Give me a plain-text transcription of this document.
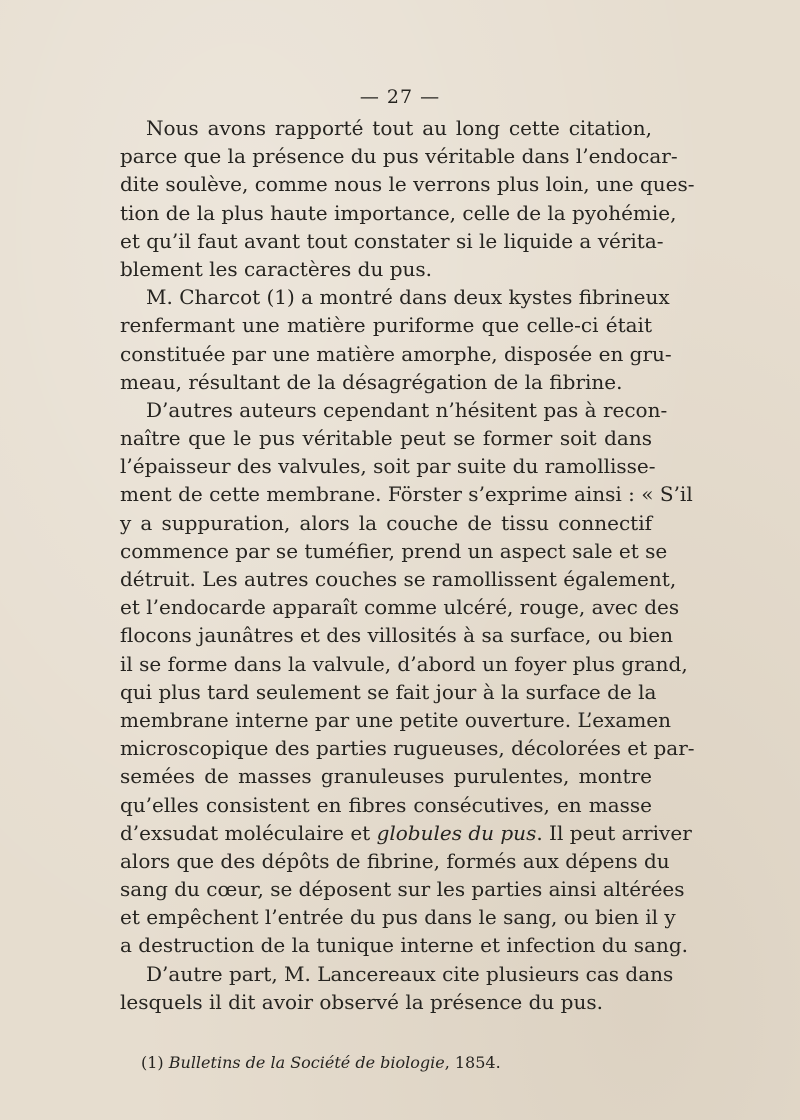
— 27 —
Nous avons rapporté tout au long cette citation,
parce que la présence du pus véritable dans l’endocar-
dite soulève, comme nous le verrons plus loin, une ques-
tion de la plus haute importance, celle de la pyohémie,
et qu’il faut avant tout constater si le liquide a vérita-
blement les caractères du pus.
M. Charcot (1) a montré dans deux kystes fibrineux
renfermant une matière puriforme que celle-ci était
constituée par une matière amorphe, disposée en gru-
meau, résultant de la désagrégation de la fibrine.
D’autres auteurs cependant n’hésitent pas à recon-
naître que le pus véritable peut se former soit dans
l’épaisseur des valvules, soit par suite du ramollisse-
ment de cette membrane. Förster s’exprime ainsi : « S’il
y a suppuration, alors la couche de tissu connectif
commence par se tuméfier, prend un aspect sale et se
détruit. Les autres couches se ramollissent également,
et l’endocarde apparaît comme ulcéré, rouge, avec des
flocons jaunâtres et des villosités à sa surface, ou bien
il se forme dans la valvule, d’abord un foyer plus grand,
qui plus tard seulement se fait jour à la surface de la
membrane interne par une petite ouverture. L’examen
microscopique des parties rugueuses, décolorées et par-
semées de masses granuleuses purulentes, montre
qu’elles consistent en fibres consécutives, en masse
d’exsudat moléculaire et globules du pus. Il peut arriver
alors que des dépôts de fibrine, formés aux dépens du
sang du cœur, se déposent sur les parties ainsi altérées
et empêchent l’entrée du pus dans le sang, ou bien il y
a destruction de la tunique interne et infection du sang.
D’autre part, M. Lancereaux cite plusieurs cas dans
lesquels il dit avoir observé la présence du pus.
(1) Bulletins de la Société de biologie, 1854.
